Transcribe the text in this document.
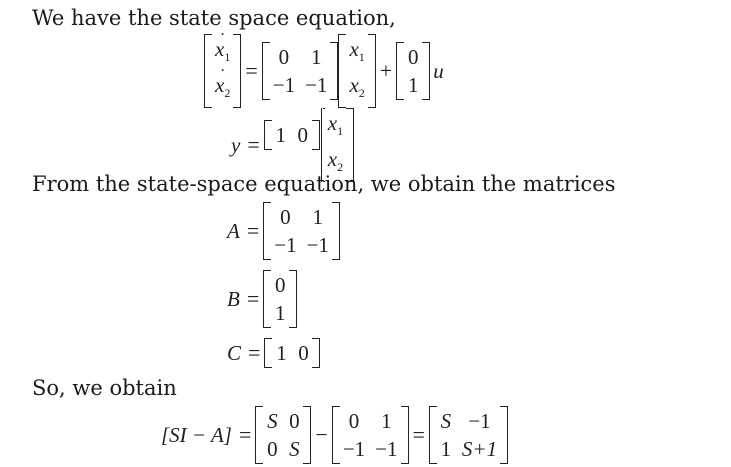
We have the state space equation,
˙ $x_1$
˙ $x_2$
=
0 1
−1 −1
$x_1$
$x_2$
+
0
1
u
y = 1 0 $x_1$
$x_2$
From the state-space equation, we obtain the matrices
A =
0 1
−1 −1
B =
0
1
C = 1 0
So, we obtain
[SI − A] =
S 0
0 S
−
0 1
−1 −1
=
S −1
1 S+1
